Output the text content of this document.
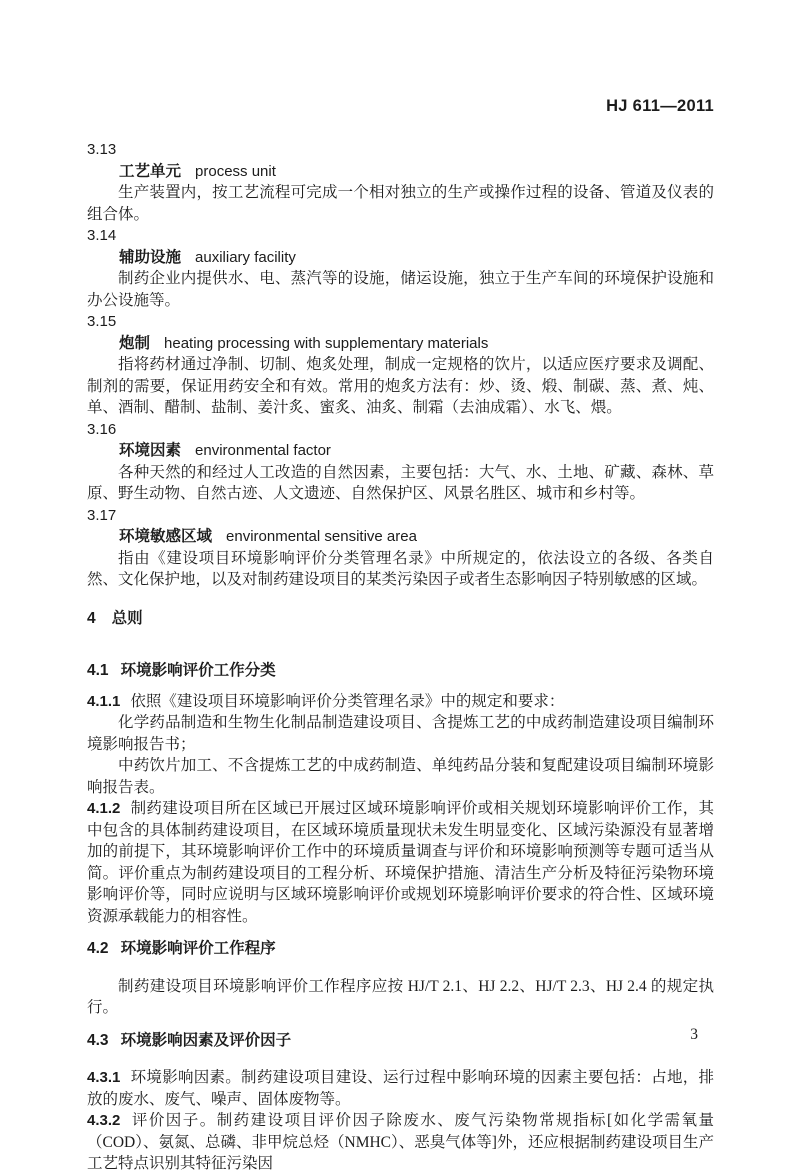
HJ 611—2011
3.13
工艺单元 process unit

生产装置内，按工艺流程可完成一个相对独立的生产或操作过程的设备、管道及仪表的组合体。

3.14
辅助设施 auxiliary facility

制药企业内提供水、电、蒸汽等的设施，储运设施，独立于生产车间的环境保护设施和办公设施等。

3.15
炮制 heating processing with supplementary materials

指将药材通过净制、切制、炮炙处理，制成一定规格的饮片，以适应医疗要求及调配、制剂的需要，保证用药安全和有效。常用的炮炙方法有：炒、烫、煅、制碳、蒸、煮、炖、单、酒制、醋制、盐制、姜汁炙、蜜炙、油炙、制霜（去油成霜）、水飞、煨。

3.16
环境因素 environmental factor

各种天然的和经过人工改造的自然因素，主要包括：大气、水、土地、矿藏、森林、草原、野生动物、自然古迹、人文遗迹、自然保护区、风景名胜区、城市和乡村等。

3.17
环境敏感区域 environmental sensitive area

指由《建设项目环境影响评价分类管理名录》中所规定的，依法设立的各级、各类自然、文化保护地，以及对制药建设项目的某类污染因子或者生态影响因子特别敏感的区域。

4 总则
4.1 环境影响评价工作分类

4.1.1 依照《建设项目环境影响评价分类管理名录》中的规定和要求：

化学药品制造和生物生化制品制造建设项目、含提炼工艺的中成药制造建设项目编制环境影响报告书；

中药饮片加工、不含提炼工艺的中成药制造、单纯药品分装和复配建设项目编制环境影响报告表。

4.1.2 制药建设项目所在区域已开展过区域环境影响评价或相关规划环境影响评价工作，其中包含的具体制药建设项目，在区域环境质量现状未发生明显变化、区域污染源没有显著增加的前提下，其环境影响评价工作中的环境质量调查与评价和环境影响预测等专题可适当从简。评价重点为制药建设项目的工程分析、环境保护措施、清洁生产分析及特征污染物环境影响评价等，同时应说明与区域环境影响评价或规划环境影响评价要求的符合性、区域环境资源承载能力的相容性。

4.2 环境影响评价工作程序

制药建设项目环境影响评价工作程序应按 HJ/T 2.1、HJ 2.2、HJ/T 2.3、HJ 2.4 的规定执行。

4.3 环境影响因素及评价因子

4.3.1 环境影响因素。制药建设项目建设、运行过程中影响环境的因素主要包括：占地，排放的废水、废气、噪声、固体废物等。

4.3.2 评价因子。制药建设项目评价因子除废水、废气污染物常规指标[如化学需氧量（COD）、氨氮、总磷、非甲烷总烃（NMHC）、恶臭气体等]外，还应根据制药建设项目生产工艺特点识别其特征污染因

3
